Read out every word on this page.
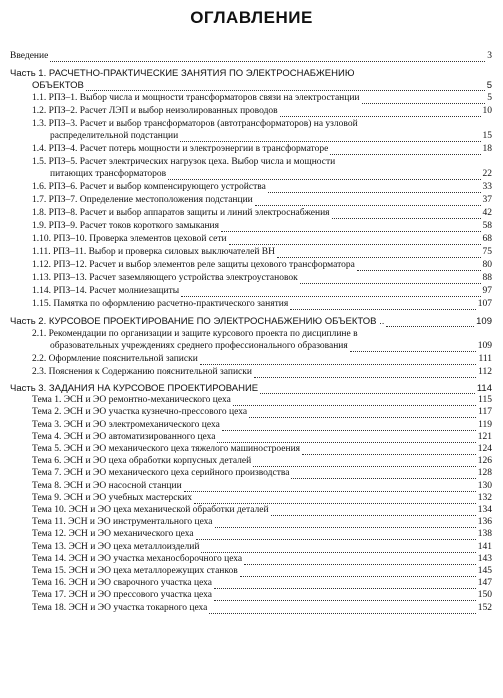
ОГЛАВЛЕНИЕ
Введение	3
Часть 1. РАСЧЕТНО-ПРАКТИЧЕСКИЕ ЗАНЯТИЯ ПО ЭЛЕКТРОСНАБЖЕНИЮ
ОБЪЕКТОВ	5
1.1. РПЗ–1. Выбор числа и мощности трансформаторов связи на электростанции	5
1.2. РПЗ–2. Расчет ЛЭП и выбор неизолированных проводов	10
1.3. РПЗ–3. Расчет и выбор трансформаторов (автотрансформаторов) на узловой
распределительной подстанции	15
1.4. РПЗ–4. Расчет потерь мощности и электроэнергии в трансформаторе	18
1.5. РПЗ–5. Расчет электрических нагрузок цеха. Выбор числа и мощности
питающих трансформаторов	22
1.6. РПЗ–6. Расчет и выбор компенсирующего устройства	33
1.7. РПЗ–7. Определение местоположения подстанции	37
1.8. РПЗ–8. Расчет и выбор аппаратов защиты и линий электроснабжения	42
1.9. РПЗ–9. Расчет токов короткого замыкания	58
1.10. РПЗ–10. Проверка элементов цеховой сети	68
1.11. РПЗ–11. Выбор и проверка силовых выключателей ВН	75
1.12. РПЗ–12. Расчет и выбор элементов реле защиты цехового трансформатора	80
1.13. РПЗ–13. Расчет заземляющего устройства электроустановок	88
1.14. РПЗ–14. Расчет молниезащиты	97
1.15. Памятка по оформлению расчетно-практического занятия	107
Часть 2. КУРСОВОЕ ПРОЕКТИРОВАНИЕ ПО ЭЛЕКТРОСНАБЖЕНИЮ ОБЪЕКТОВ ..	109
2.1. Рекомендации по организации и защите курсового проекта по дисциплине в
образовательных учреждениях среднего профессионального образования	109
2.2. Оформление пояснительной записки	111
2.3. Пояснения к Содержанию пояснительной записки	112
Часть 3. ЗАДАНИЯ НА КУРСОВОЕ ПРОЕКТИРОВАНИЕ	114
Тема 1. ЭСН и ЭО ремонтно-механического цеха	115
Тема 2. ЭСН и ЭО участка кузнечно-прессового цеха	117
Тема 3. ЭСН и ЭО электромеханического цеха	119
Тема 4. ЭСН и ЭО автоматизированного цеха	121
Тема 5. ЭСН и ЭО механического цеха тяжелого машиностроения	124
Тема 6. ЭСН и ЭО цеха обработки корпусных деталей	126
Тема 7. ЭСН и ЭО механического цеха серийного производства	128
Тема 8. ЭСН и ЭО насосной станции	130
Тема 9. ЭСН и ЭО учебных мастерских	132
Тема 10. ЭСН и ЭО цеха механической обработки деталей	134
Тема 11. ЭСН и ЭО инструментального цеха	136
Тема 12. ЭСН и ЭО механического цеха	138
Тема 13. ЭСН и ЭО цеха металлоизделий	141
Тема 14. ЭСН и ЭО участка механосборочного цеха	143
Тема 15. ЭСН и ЭО цеха металлорежущих станков	145
Тема 16. ЭСН и ЭО сварочного участка цеха	147
Тема 17. ЭСН и ЭО прессового участка цеха	150
Тема 18. ЭСН и ЭО участка токарного цеха	152
